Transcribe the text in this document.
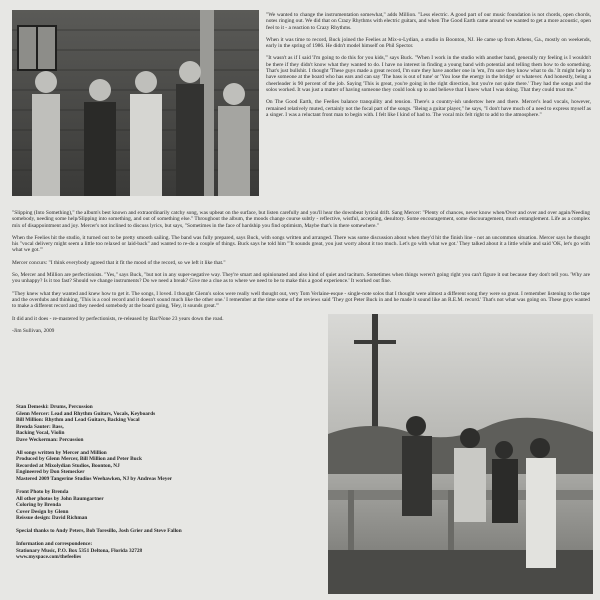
"We wanted to change the instrumentation somewhat," adds Million. "Less electric. A good part of our music foundation is not chords, open chords, notes ringing out. We did that on Crazy Rhythms with electric guitars, and when The Good Earth came around we wanted to get a more acoustic, open feel to it - a reaction to Crazy Rhythms.

When it was time to record, Buck joined the Feelies at Mix-o-Lydian, a studio in Boonton, NJ. He came up from Athens, Ga., mostly on weekends, early in the spring of 1986. He didn't model himself on Phil Spector.

"It wasn't as if I said 'I'm going to do this for you kids,'" says Buck. "When I work in the studio with another band, generally my feeling is I wouldn't be there if they didn't know what they wanted to do. I have no interest in finding a young band with potential and telling them how to do something. That's just bullshit. I thought 'These guys made a great record, I'm sure they have another one in 'em, I'm sure they know what to do.' It might help to have someone at the board who has ears and can say 'The bass is out of tune' or 'You lose the energy in the bridge' or whatever. And honestly, being a cheerleader is 90 percent of the job. Saying 'This is great, you're going in the right direction, but you're not quite there.' They had the songs and the solos worked. It was just a matter of having someone they could look up to and believe that I knew what I was doing. That they could trust me."

On The Good Earth, the Feelies balance tranquility and tension. There's a country-ish undertow here and there. Mercer's lead vocals, however, remained relatively muted, certainly not the focal part of the songs. "Being a guitar player," he says, "I don't have much of a need to express myself as a singer. I was a reluctant front man to begin with. I felt like I kind of had to. The vocal mix felt right to add to the atmosphere."

"Slipping (Into Something)," the album's best known and extraordinarily catchy song, was upbeat on the surface, but listen carefully and you'll hear the downbeat lyrical drift. Sang Mercer: "Plenty of chances, never know when/Over and over and over again/Needing somebody, needing some help/Slipping into something, and out of something else." Throughout the album, the moods change course subtly - reflective, wistful, accepting, desultory. Some encouragement, some discouragement, much entanglement. Life as a complex mix of disappointment and joy. Mercer's not inclined to discuss lyrics, but says, "Sometimes in the face of hardship you find optimism, Maybe that's in there somewhere."

When the Feelies hit the studio, it turned out to be pretty smooth sailing. The band was fully prepared, says Buck, with songs written and arranged. There was some discussion about when they'd hit the finish line - not an uncommon situation. Mercer says he thought his "vocal delivery might seem a little too relaxed or laid-back" and wanted to re-do a couple of things. Buck says he told him "'It sounds great, you just worry about it too much. Let's go with what we got.' They talked about it a little while and said 'OK, let's go with what we got.'"

Mercer concurs: "I think everybody agreed that it fit the mood of the record, so we left it like that."

So, Mercer and Million are perfectionists. "Yes," says Buck, "but not in any super-negative way. They're smart and opinionated and also kind of quiet and taciturn. Sometimes when things weren't going right you can't figure it out because they don't tell you. 'Why are you unhappy? Is it too fast? Should we change instruments? Do we need a break? Give me a clue as to where we need to be to make this a good experience.' It worked out fine.

"They knew what they wanted and knew how to get it. The songs, I loved. I thought Glenn's solos were really well thought out, very Tom Verlaine-esque - single-note solos that I thought were almost a different song they were so great. I remember listening to the tape and the overdubs and thinking, 'This is a cool record and it doesn't sound much like the other one.' I remember at the time some of the reviews said 'They got Peter Buck in and he made it sound like an R.E.M. record.' That's not what was going on. These guys wanted to make a different record and they needed somebody at the board going, 'Hey, it sounds great.'"

It did and it does - re-mastered by perfectionists, re-released by Bar/None 23 years down the road.

-Jim Sullivan, 2009

Stan Demeski: Drums, Percussion
Glenn Mercer: Lead and Rhythm Guitars, Vocals, Keyboards
Bill Million: Rhythm and Lead Guitars, Backing Vocal
Brenda Sauter: Bass,
Backing Vocal, Violin
Dave Weckerman: Percussion
All songs written by Mercer and Million
Produced by Glenn Mercer, Bill Million and Peter Buck
Recorded at Mixolydian Studios, Boonton, NJ
Engineered by Don Stemecker
Mastered 2009 Tangerine Studios Weehawken, NJ by Andreas Meyer
Front Photo by Brenda
All other photos by John Baumgartner
Coloring by Brenda
Cover Design by Glenn
Reissue design: David Richman
Special thanks to Andy Peters, Bob Toresillo, Josh Grier and Steve Fallon
Information and correspondence:
Stationary Music, P.O. Box 5351 Deltona, Florida 32728
www.myspace.com/thefeelies
